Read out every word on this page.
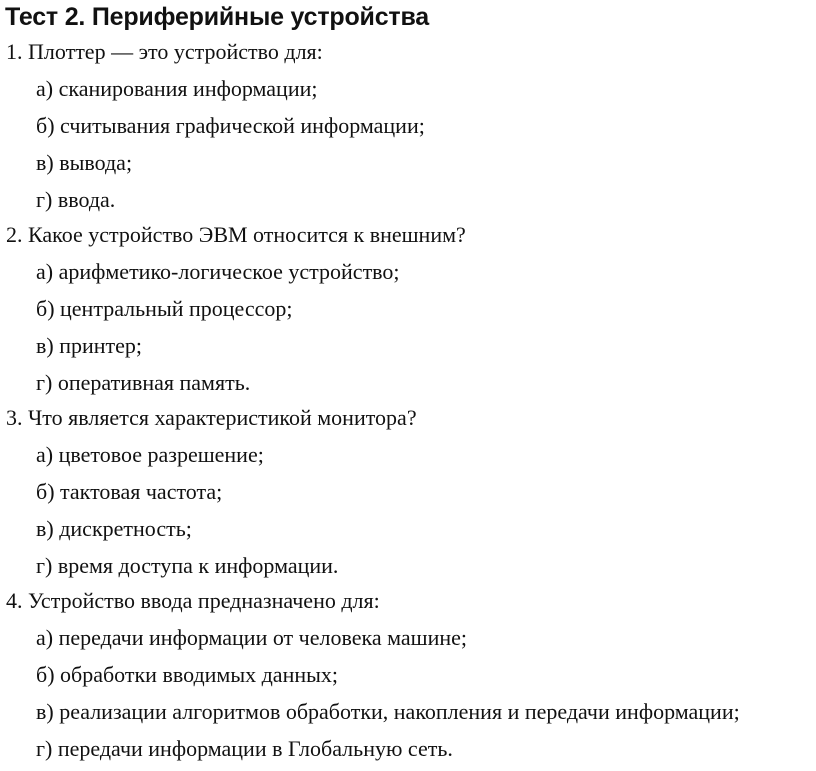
Тест 2. Периферийные устройства
1. Плоттер — это устройство для:
а) сканирования информации;
б) считывания графической информации;
в) вывода;
г) ввода.
2. Какое устройство ЭВМ относится к внешним?
а) арифметико-логическое устройство;
б) центральный процессор;
в) принтер;
г) оперативная память.
3. Что является характеристикой монитора?
а) цветовое разрешение;
б) тактовая частота;
в) дискретность;
г) время доступа к информации.
4. Устройство ввода предназначено для:
а) передачи информации от человека машине;
б) обработки вводимых данных;
в) реализации алгоритмов обработки, накопления и передачи информации;
г) передачи информации в Глобальную сеть.
